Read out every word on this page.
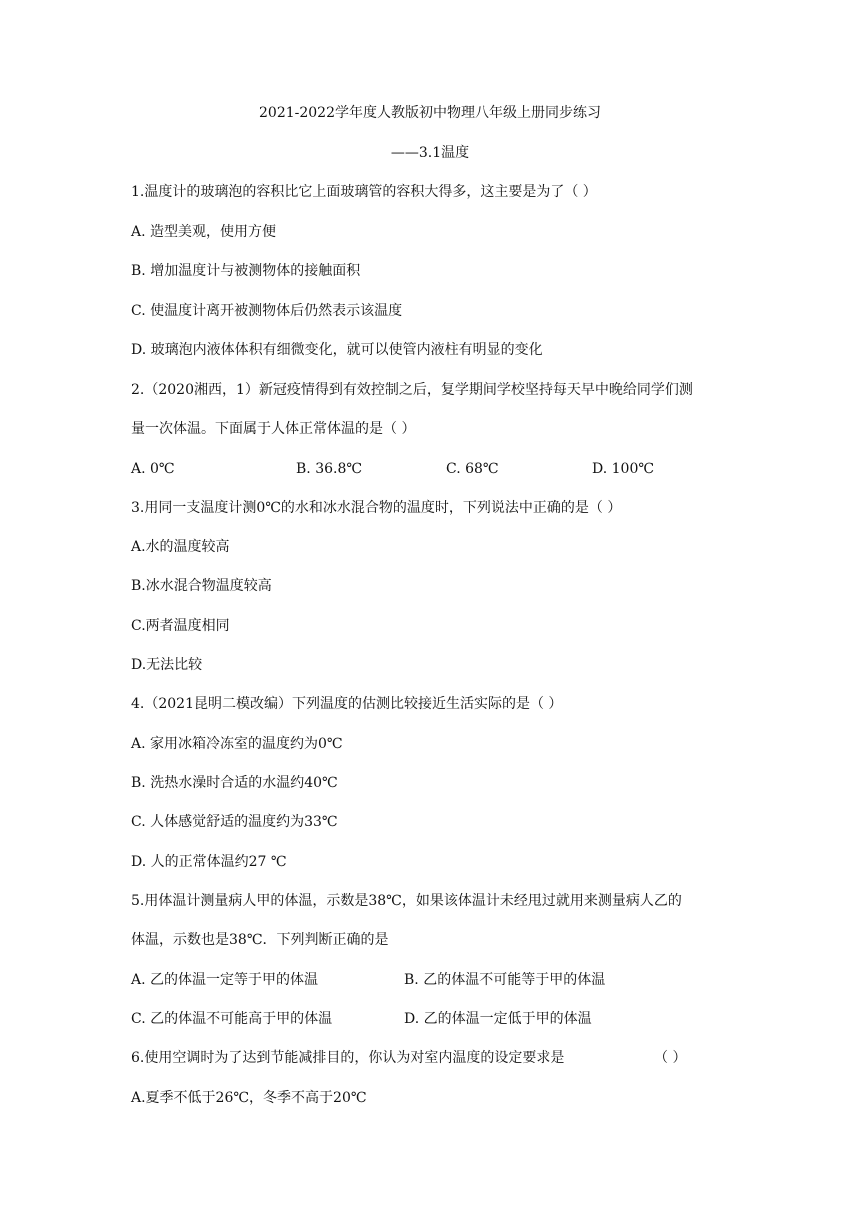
2021-2022学年度人教版初中物理八年级上册同步练习
——3.1温度
1.温度计的玻璃泡的容积比它上面玻璃管的容积大得多，这主要是为了（ ）
A. 造型美观，使用方便
B. 增加温度计与被测物体的接触面积
C. 使温度计离开被测物体后仍然表示该温度
D. 玻璃泡内液体体积有细微变化，就可以使管内液柱有明显的变化
2.（2020湘西，1）新冠疫情得到有效控制之后，复学期间学校坚持每天早中晚给同学们测
量一次体温。下面属于人体正常体温的是（ ）
A. 0℃	B. 36.8℃	C. 68℃	D. 100℃
3.用同一支温度计测0℃的水和冰水混合物的温度时，下列说法中正确的是（ ）
A.水的温度较高
B.冰水混合物温度较高
C.两者温度相同
D.无法比较
4.（2021昆明二模改编）下列温度的估测比较接近生活实际的是（ ）
A. 家用冰箱冷冻室的温度约为0℃
B. 洗热水澡时合适的水温约40℃
C. 人体感觉舒适的温度约为33℃
D. 人的正常体温约27 ℃
5.用体温计测量病人甲的体温，示数是38℃，如果该体温计未经甩过就用来测量病人乙的
体温，示数也是38℃．下列判断正确的是
A. 乙的体温一定等于甲的体温	B. 乙的体温不可能等于甲的体温
C. 乙的体温不可能高于甲的体温	D. 乙的体温一定低于甲的体温
6.使用空调时为了达到节能减排目的，你认为对室内温度的设定要求是	（ ）
A.夏季不低于26℃，冬季不高于20℃
